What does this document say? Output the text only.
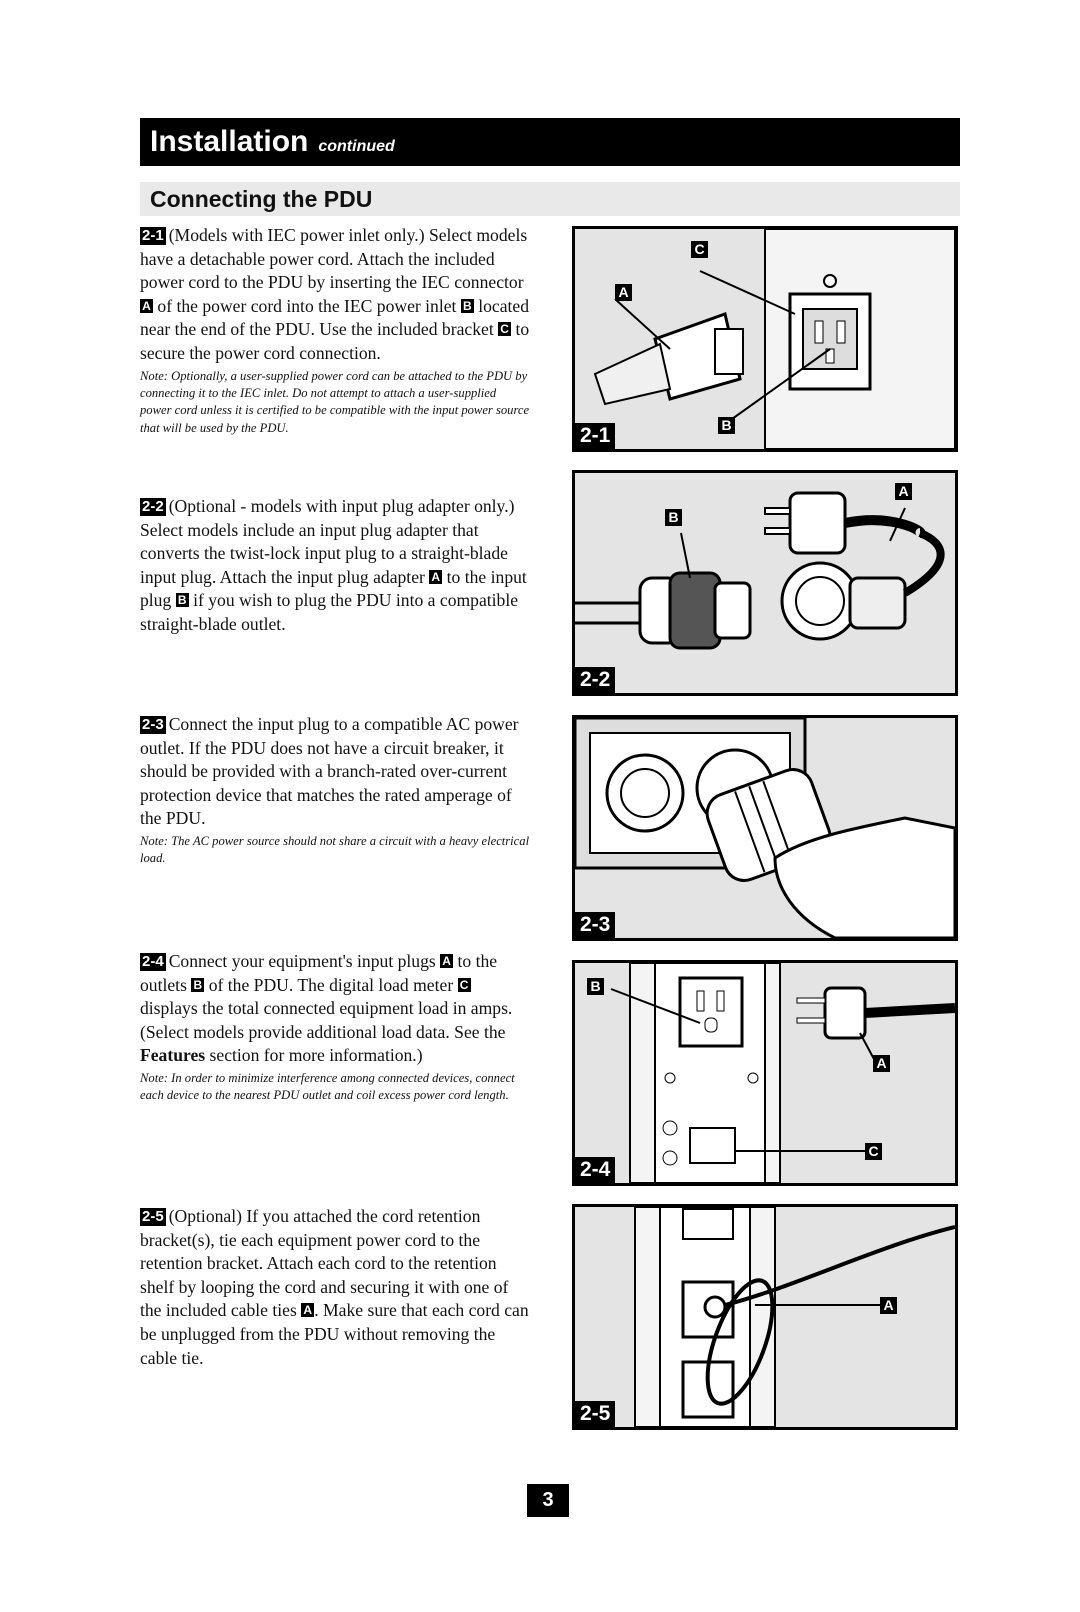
Installation continued
Connecting the PDU
2-1 (Models with IEC power inlet only.) Select models have a detachable power cord. Attach the included power cord to the PDU by inserting the IEC connector A of the power cord into the IEC power inlet B located near the end of the PDU. Use the included bracket C to secure the power cord connection.
Note: Optionally, a user-supplied power cord can be attached to the PDU by connecting it to the IEC inlet. Do not attempt to attach a user-supplied power cord unless it is certified to be compatible with the input power source that will be used by the PDU.
2-2 (Optional - models with input plug adapter only.) Select models include an input plug adapter that converts the twist-lock input plug to a straight-blade input plug. Attach the input plug adapter A to the input plug B if you wish to plug the PDU into a compatible straight-blade outlet.
2-3 Connect the input plug to a compatible AC power outlet. If the PDU does not have a circuit breaker, it should be provided with a branch-rated over-current protection device that matches the rated amperage of the PDU.
Note: The AC power source should not share a circuit with a heavy electrical load.
2-4 Connect your equipment's input plugs A to the outlets B of the PDU. The digital load meter C displays the total connected equipment load in amps. (Select models provide additional load data. See the Features section for more information.)
Note: In order to minimize interference among connected devices, connect each device to the nearest PDU outlet and coil excess power cord length.
2-5 (Optional) If you attached the cord retention bracket(s), tie each equipment power cord to the retention bracket. Attach each cord to the retention shelf by looping the cord and securing it with one of the included cable ties A . Make sure that each cord can be unplugged from the PDU without removing the cable tie.
C
A
B
2-1
A
B
2-2
2-3
B
A
C
2-4
A
2-5
3
